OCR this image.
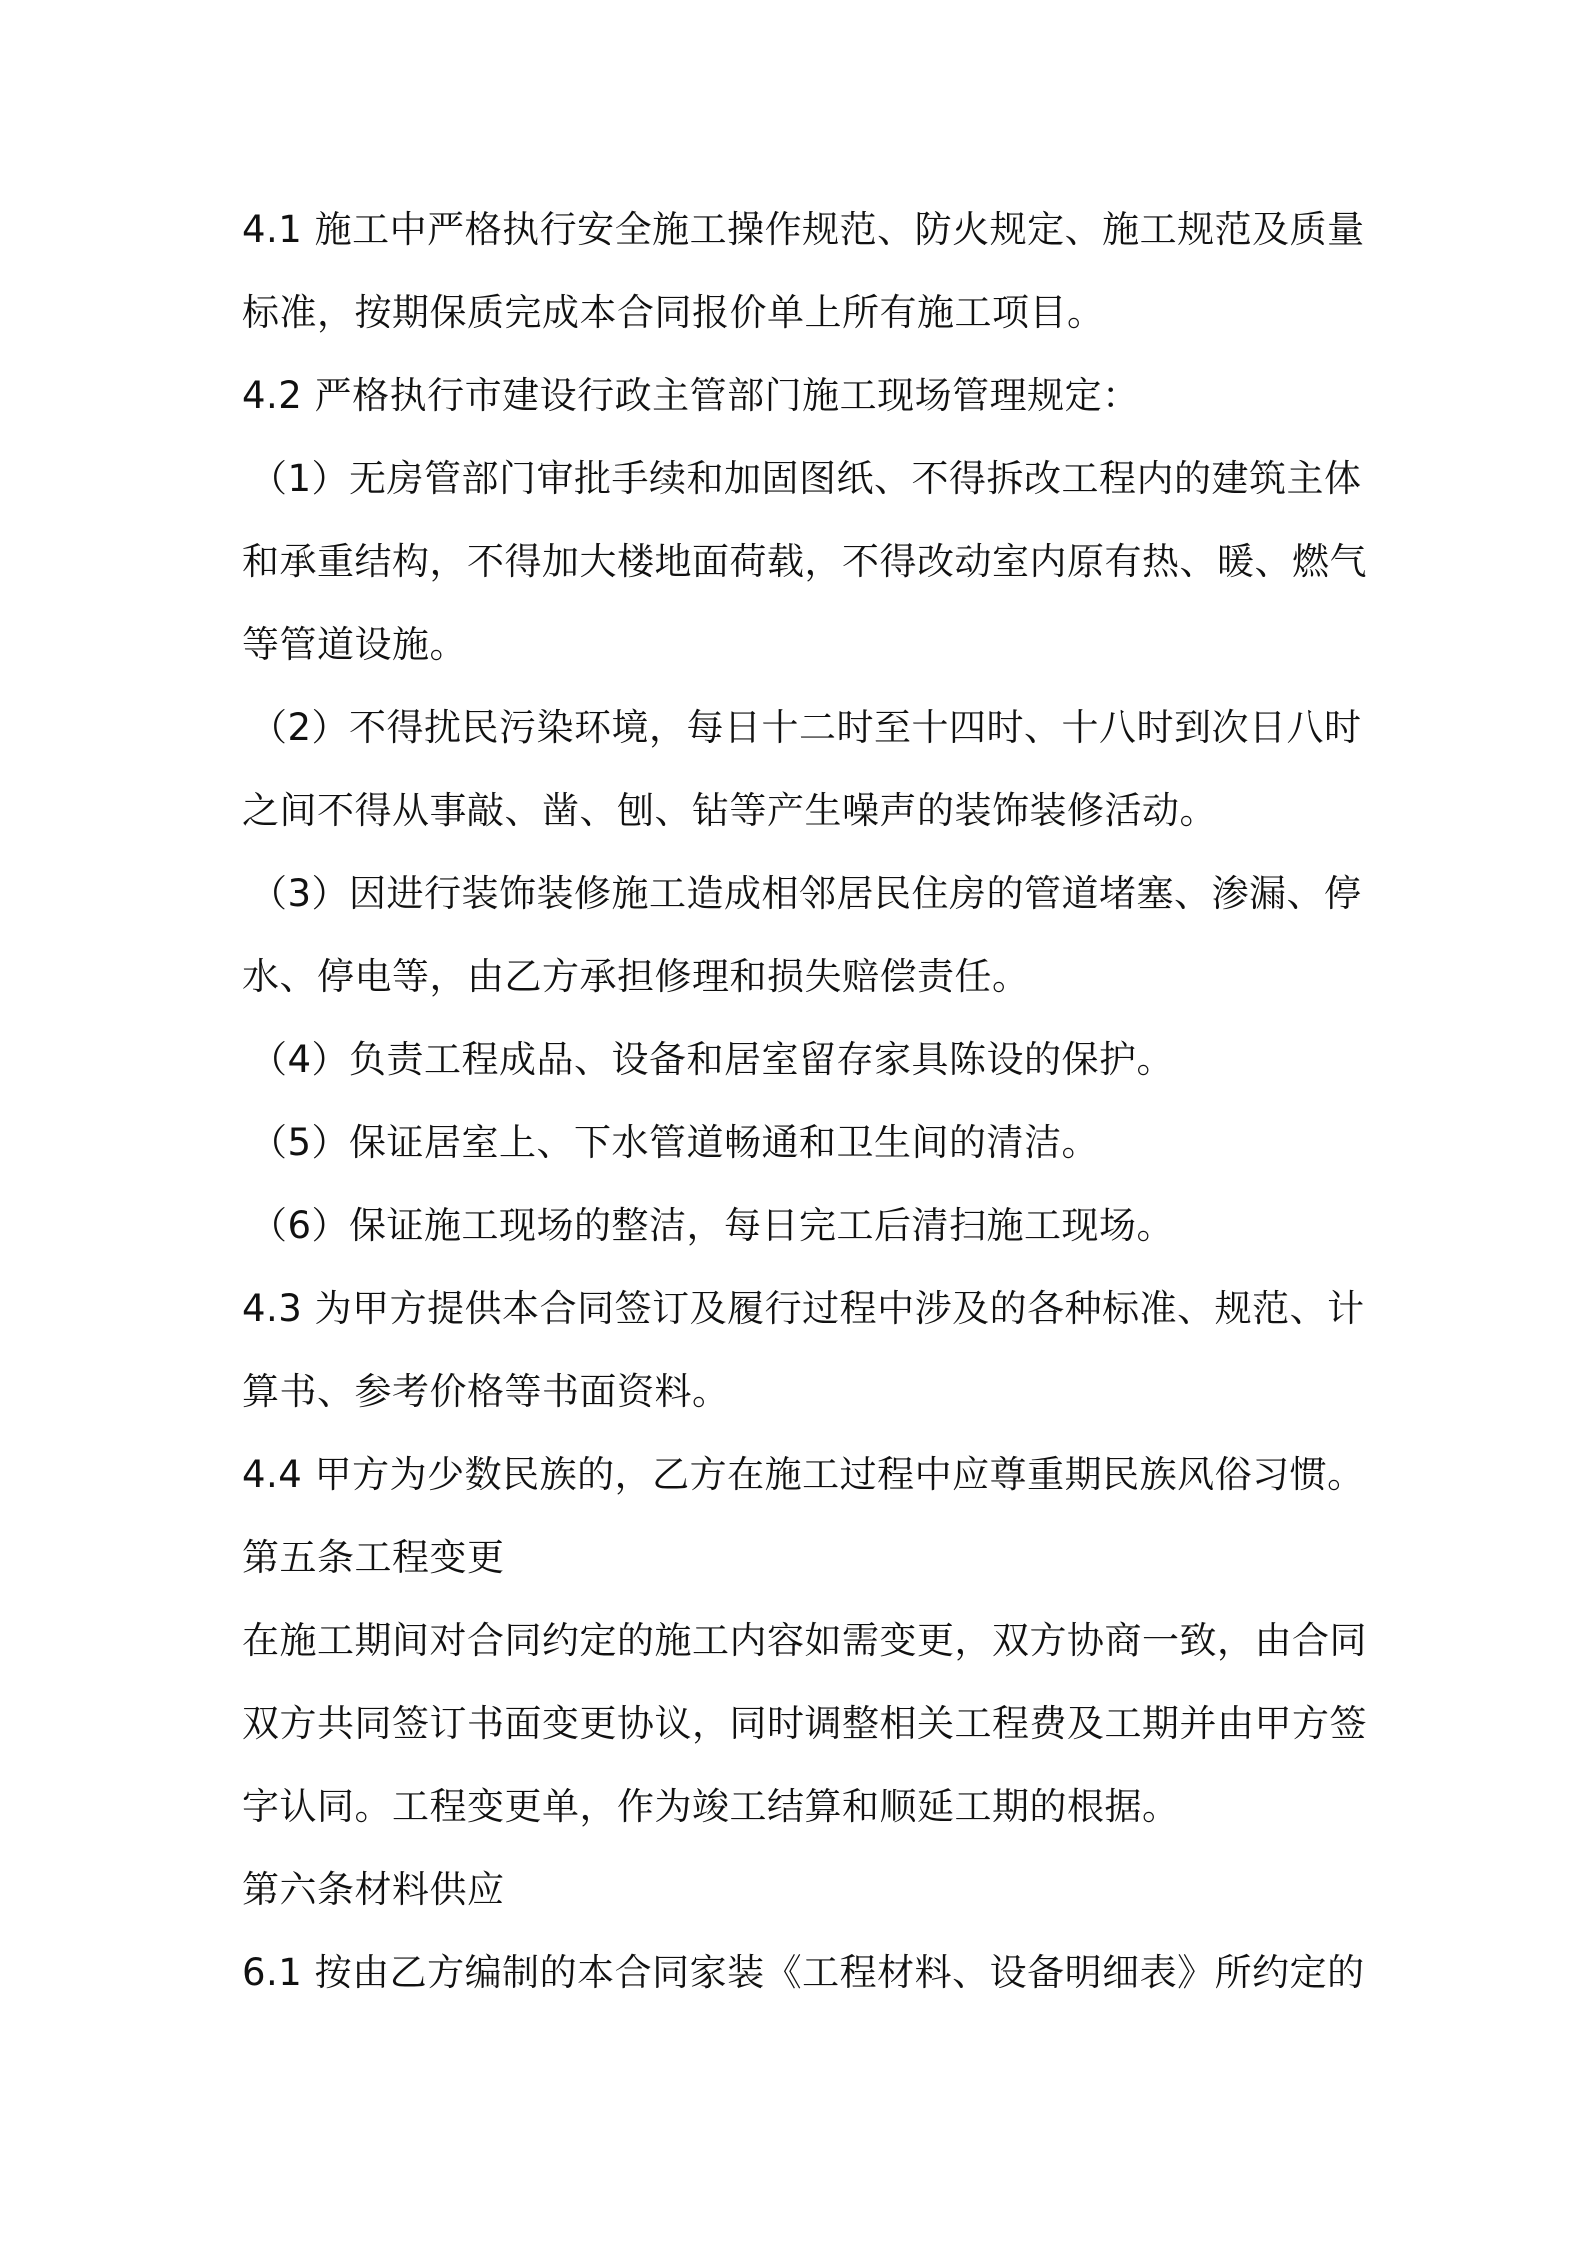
4.1 施工中严格执行安全施工操作规范、防火规定、施工规范及质量
标准，按期保质完成本合同报价单上所有施工项目。
4.2 严格执行市建设行政主管部门施工现场管理规定：
（1）无房管部门审批手续和加固图纸、不得拆改工程内的建筑主体
和承重结构，不得加大楼地面荷载，不得改动室内原有热、暖、燃气
等管道设施。
（2）不得扰民污染环境，每日十二时至十四时、十八时到次日八时
之间不得从事敲、凿、刨、钻等产生噪声的装饰装修活动。
（3）因进行装饰装修施工造成相邻居民住房的管道堵塞、渗漏、停
水、停电等，由乙方承担修理和损失赔偿责任。
（4）负责工程成品、设备和居室留存家具陈设的保护。
（5）保证居室上、下水管道畅通和卫生间的清洁。
（6）保证施工现场的整洁，每日完工后清扫施工现场。
4.3 为甲方提供本合同签订及履行过程中涉及的各种标准、规范、计
算书、参考价格等书面资料。
4.4 甲方为少数民族的，乙方在施工过程中应尊重期民族风俗习惯。
第五条工程变更
在施工期间对合同约定的施工内容如需变更，双方协商一致，由合同
双方共同签订书面变更协议，同时调整相关工程费及工期并由甲方签
字认同。工程变更单，作为竣工结算和顺延工期的根据。
第六条材料供应
6.1 按由乙方编制的本合同家装《工程材料、设备明细表》所约定的
